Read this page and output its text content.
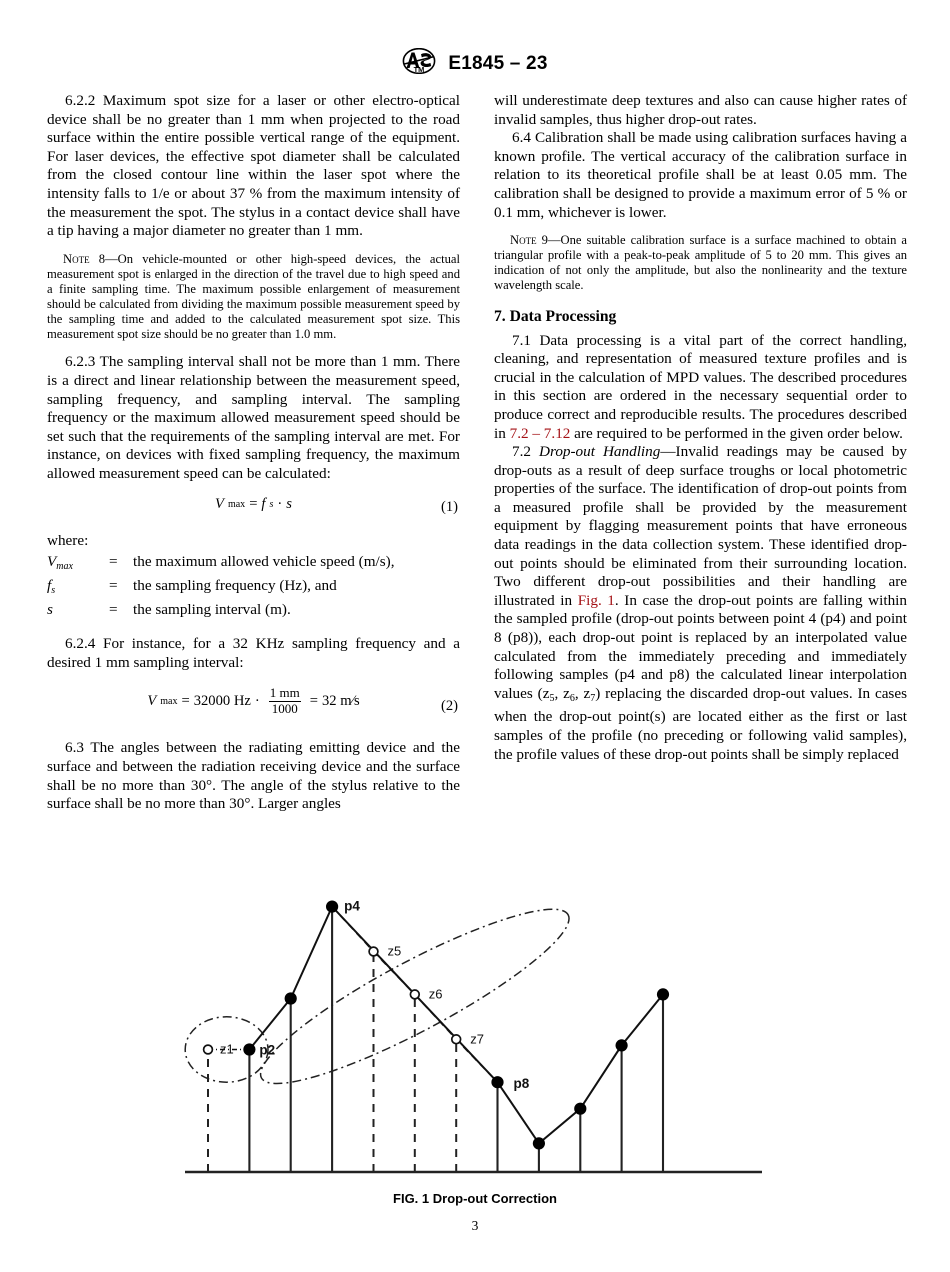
TM E1845 – 23

6.2.2 Maximum spot size for a laser or other electro-optical device shall be no greater than 1 mm when projected to the road surface within the entire possible vertical range of the equipment. For laser devices, the effective spot diameter shall be calculated from the closed contour line within the laser spot where the intensity falls to 1/e or about 37 % from the maximum intensity of the measurement the spot. The stylus in a contact device shall have a tip having a major diameter no greater than 1 mm.

Note 8—On vehicle-mounted or other high-speed devices, the actual measurement spot is enlarged in the direction of the travel due to high speed and a finite sampling time. The maximum possible enlargement of measurement should be calculated from dividing the maximum possible measurement speed by the sampling time and added to the calculated measurement spot size. This measurement spot size should be no greater than 1.0 mm.

6.2.3 The sampling interval shall not be more than 1 mm. There is a direct and linear relationship between the measurement speed, sampling frequency, and sampling interval. The sampling frequency or the maximum allowed measurement speed should be set such that the requirements of the sampling interval are met. For instance, on devices with fixed sampling frequency, the maximum allowed measurement speed can be calculated:

V max = f s · s	(1)

where:

Vmax	=	the maximum allowed vehicle speed (m/s),
fs	=	the sampling frequency (Hz), and
s	=	the sampling interval (m).

6.2.4 For instance, for a 32 KHz sampling frequency and a desired 1 mm sampling interval:

V max = 32000 $Hz \cdot \frac{1 mm}{1000} = 32$ m⁄s	(2)

6.3 The angles between the radiating emitting device and the surface and between the radiation receiving device and the surface shall be no more than 30°. The angle of the stylus relative to the surface shall be no more than 30°. Larger angles

will underestimate deep textures and also can cause higher rates of invalid samples, thus higher drop-out rates.

6.4 Calibration shall be made using calibration surfaces having a known profile. The vertical accuracy of the calibration surface in relation to its theoretical profile shall be at least 0.05 mm. The calibration shall be designed to provide a maximum error of 5 % or 0.1 mm, whichever is lower.

Note 9—One suitable calibration surface is a surface machined to obtain a triangular profile with a peak-to-peak amplitude of 5 to 20 mm. This gives an indication of not only the amplitude, but also the nonlinearity and the texture wavelength scale.

7. Data Processing

7.1 Data processing is a vital part of the correct handling, cleaning, and representation of measured texture profiles and is crucial in the calculation of MPD values. The described procedures in this section are ordered in the necessary sequential order to produce correct and reproducible results. The procedures described in 7.2 – 7.12 are required to be performed in the given order below.

7.2 Drop-out Handling—Invalid readings may be caused by drop-outs as a result of deep surface troughs or local photometric properties of the surface. The identification of drop-out points from a measured profile shall be provided by the measurement equipment by flagging measurement points that have erroneous data readings in the data collection system. These identified drop-out points should be eliminated from their surrounding location. Two different drop-out possibilities and their handling are illustrated in Fig. 1. In case the drop-out points are falling within the sampled profile (drop-out points between point 4 (p4) and point 8 (p8)), each drop-out point is replaced by an interpolated value calculated from the immediately preceding and immediately following samples (p4 and p8) the calculated linear interpolation values ($z_5$, $z_6$, $z_7$) replacing the discarded drop-out values. In cases when the drop-out point(s) are located either as the first or last samples of the profile (no preceding or following valid samples), the profile values of these drop-out points shall be simply replaced

z1 p2
p4
z5
z6
z7
p8
FIG. 1 Drop-out Correction
3
